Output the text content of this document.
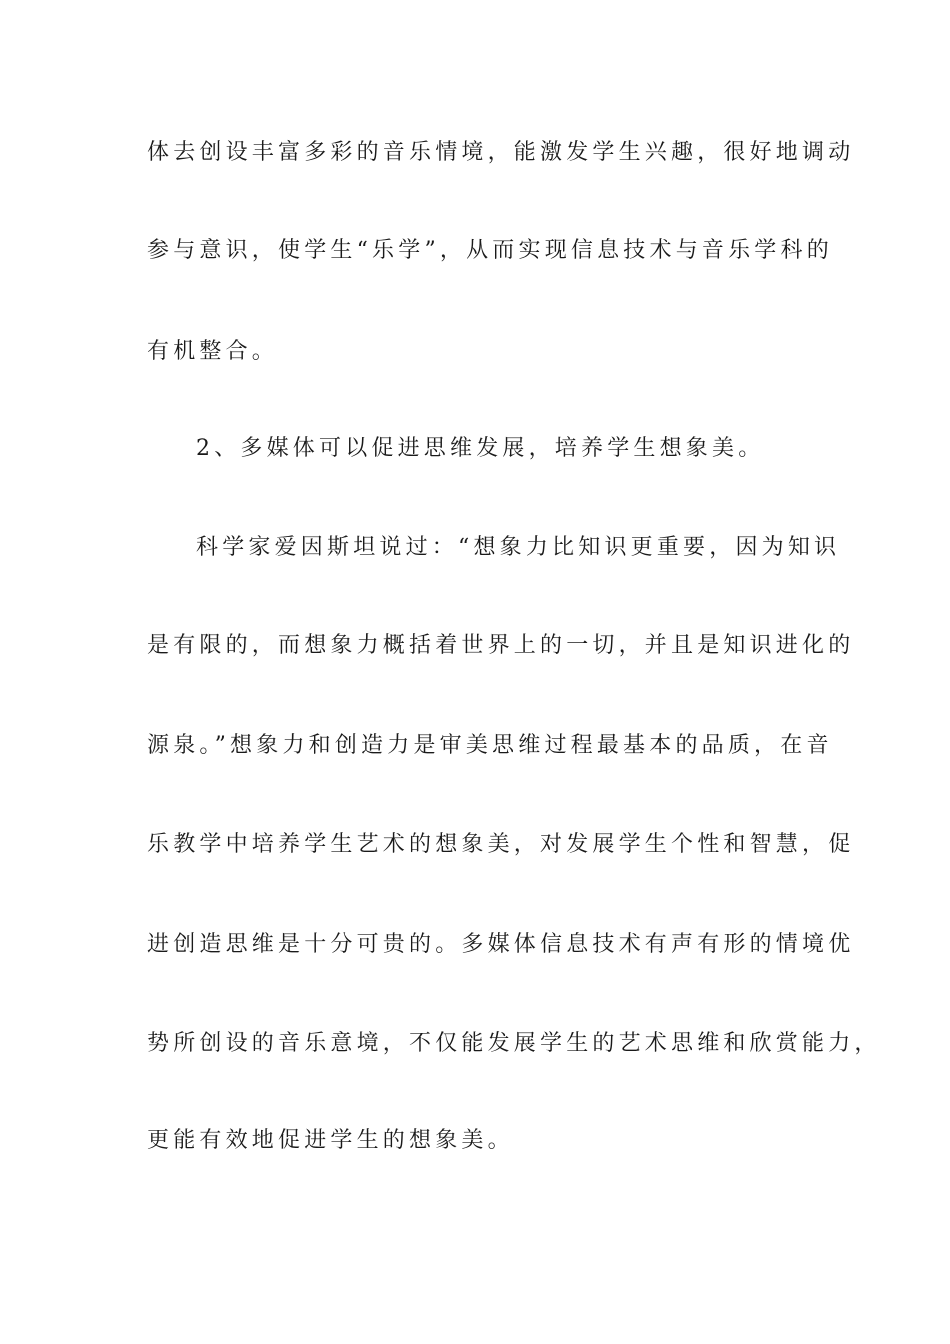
体去创设丰富多彩的音乐情境，能激发学生兴趣，很好地调动
参与意识，使学生“乐学”，从而实现信息技术与音乐学科的
有机整合。
2、多媒体可以促进思维发展，培养学生想象美。
科学家爱因斯坦说过：“想象力比知识更重要，因为知识
是有限的，而想象力概括着世界上的一切，并且是知识进化的
源泉。”想象力和创造力是审美思维过程最基本的品质，在音
乐教学中培养学生艺术的想象美，对发展学生个性和智慧，促
进创造思维是十分可贵的。多媒体信息技术有声有形的情境优
势所创设的音乐意境，不仅能发展学生的艺术思维和欣赏能力，
更能有效地促进学生的想象美。
